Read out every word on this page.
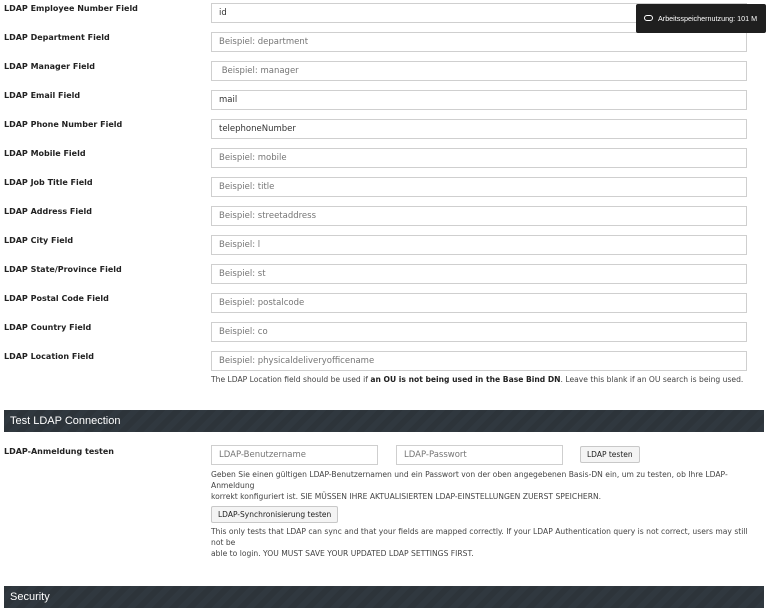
LDAP Employee Number Field
id
LDAP Department Field
Beispiel: department
LDAP Manager Field
Beispiel: manager
LDAP Email Field
mail
LDAP Phone Number Field
telephoneNumber
LDAP Mobile Field
Beispiel: mobile
LDAP Job Title Field
Beispiel: title
LDAP Address Field
Beispiel: streetaddress
LDAP City Field
Beispiel: l
LDAP State/Province Field
Beispiel: st
LDAP Postal Code Field
Beispiel: postalcode
LDAP Country Field
Beispiel: co
LDAP Location Field
Beispiel: physicaldeliveryofficename
The LDAP Location field should be used if an OU is not being used in the Base Bind DN. Leave this blank if an OU search is being used.
Test LDAP Connection
LDAP-Anmeldung testen
LDAP-Benutzername	LDAP testen
Geben Sie einen gültigen LDAP-Benutzernamen und ein Passwort von der oben angegebenen Basis-DN ein, um zu testen, ob Ihre LDAP-Anmeldung
korrekt konfiguriert ist. SIE MÜSSEN IHRE AKTUALISIERTEN LDAP-EINSTELLUNGEN ZUERST SPEICHERN.
LDAP-Synchronisierung testen
This only tests that LDAP can sync and that your fields are mapped correctly. If your LDAP Authentication query is not correct, users may still not be
able to login. YOU MUST SAVE YOUR UPDATED LDAP SETTINGS FIRST.
Security
Arbeitsspeichernutzung: 101 M
